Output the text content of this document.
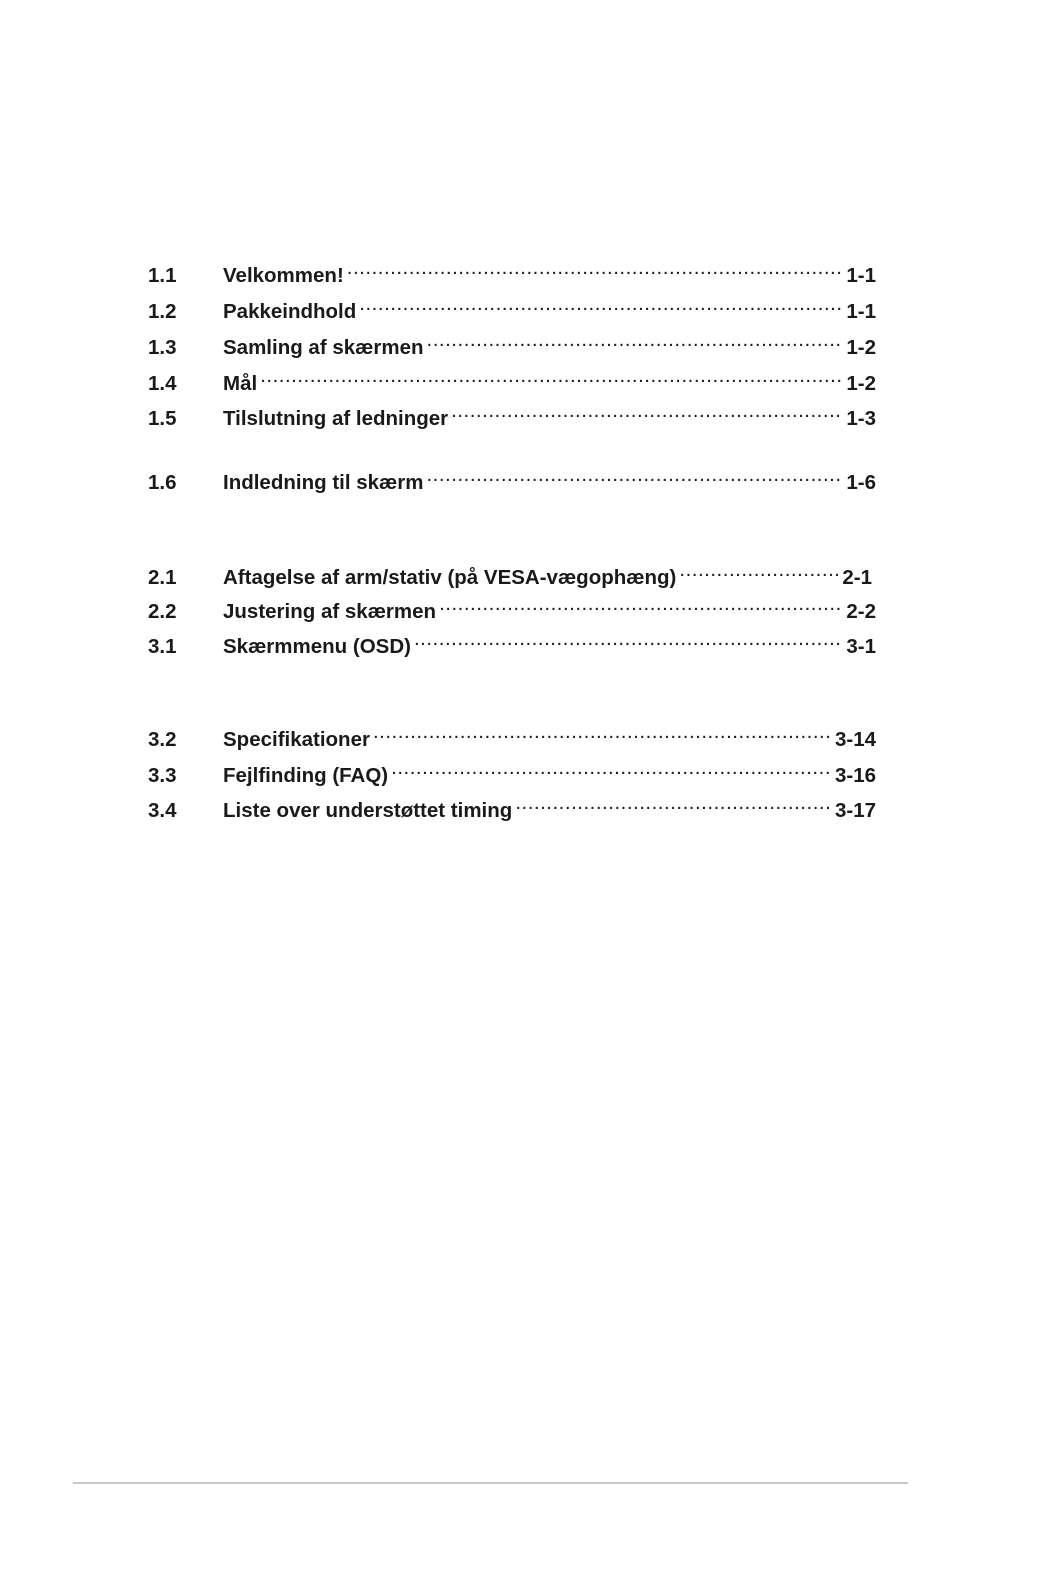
1.1	Velkommen! .....	1-1
1.2	Pakkeindhold .....	1-1
1.3	Samling af skærmen .....	1-2
1.4	Mål .....	1-2
1.5	Tilslutning af ledninger .....	1-3
1.6	Indledning til skærm .....	1-6
2.1	Aftagelse af arm/stativ (på VESA-vægophæng) .....	2-1
2.2	Justering af skærmen .....	2-2
3.1	Skærmmenu (OSD) .....	3-1
3.2	Specifikationer .....	3-14
3.3	Fejlfinding (FAQ) .....	3-16
3.4	Liste over understøttet timing .....	3-17
